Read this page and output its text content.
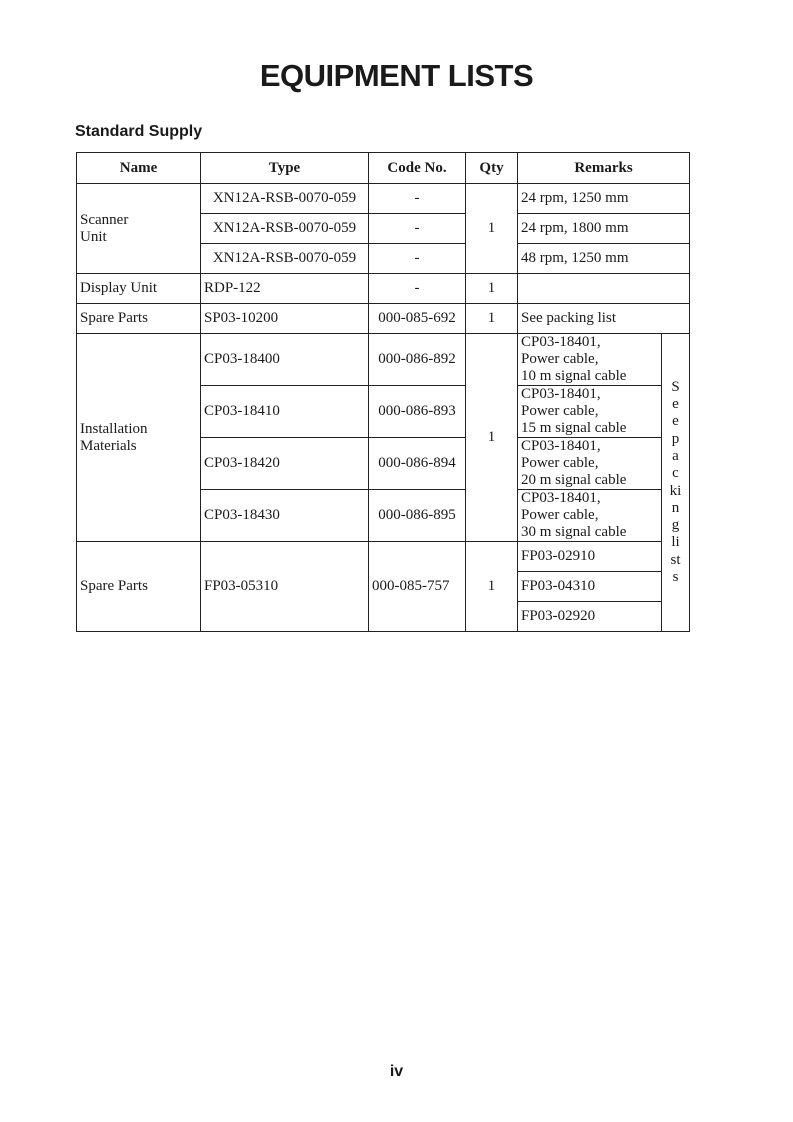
EQUIPMENT LISTS
Standard Supply
Name	Type	Code No.	Qty	Remarks	
Scanner
Unit	XN12A-RSB-0070-059	-	1	24 rpm, 1250 mm	
	XN12A-RSB-0070-059	-		24 rpm, 1800 mm	
	XN12A-RSB-0070-059	-		48 rpm, 1250 mm	
Display Unit	RDP-122	-	1		
Spare Parts	SP03-10200	000-085-692	1	See packing list	
Installation
Materials	CP03-18400	000-086-892	1	CP03-18401,
Power cable,
10 m signal cable	See packing lists
	CP03-18410	000-086-893		CP03-18401,
Power cable,
15 m signal cable	
	CP03-18420	000-086-894		CP03-18401,
Power cable,
20 m signal cable	
	CP03-18430	000-086-895		CP03-18401,
Power cable,
30 m signal cable	
Spare Parts	FP03-05310	000-085-757	1	FP03-02910	
				FP03-04310	
				FP03-02920	
iv
